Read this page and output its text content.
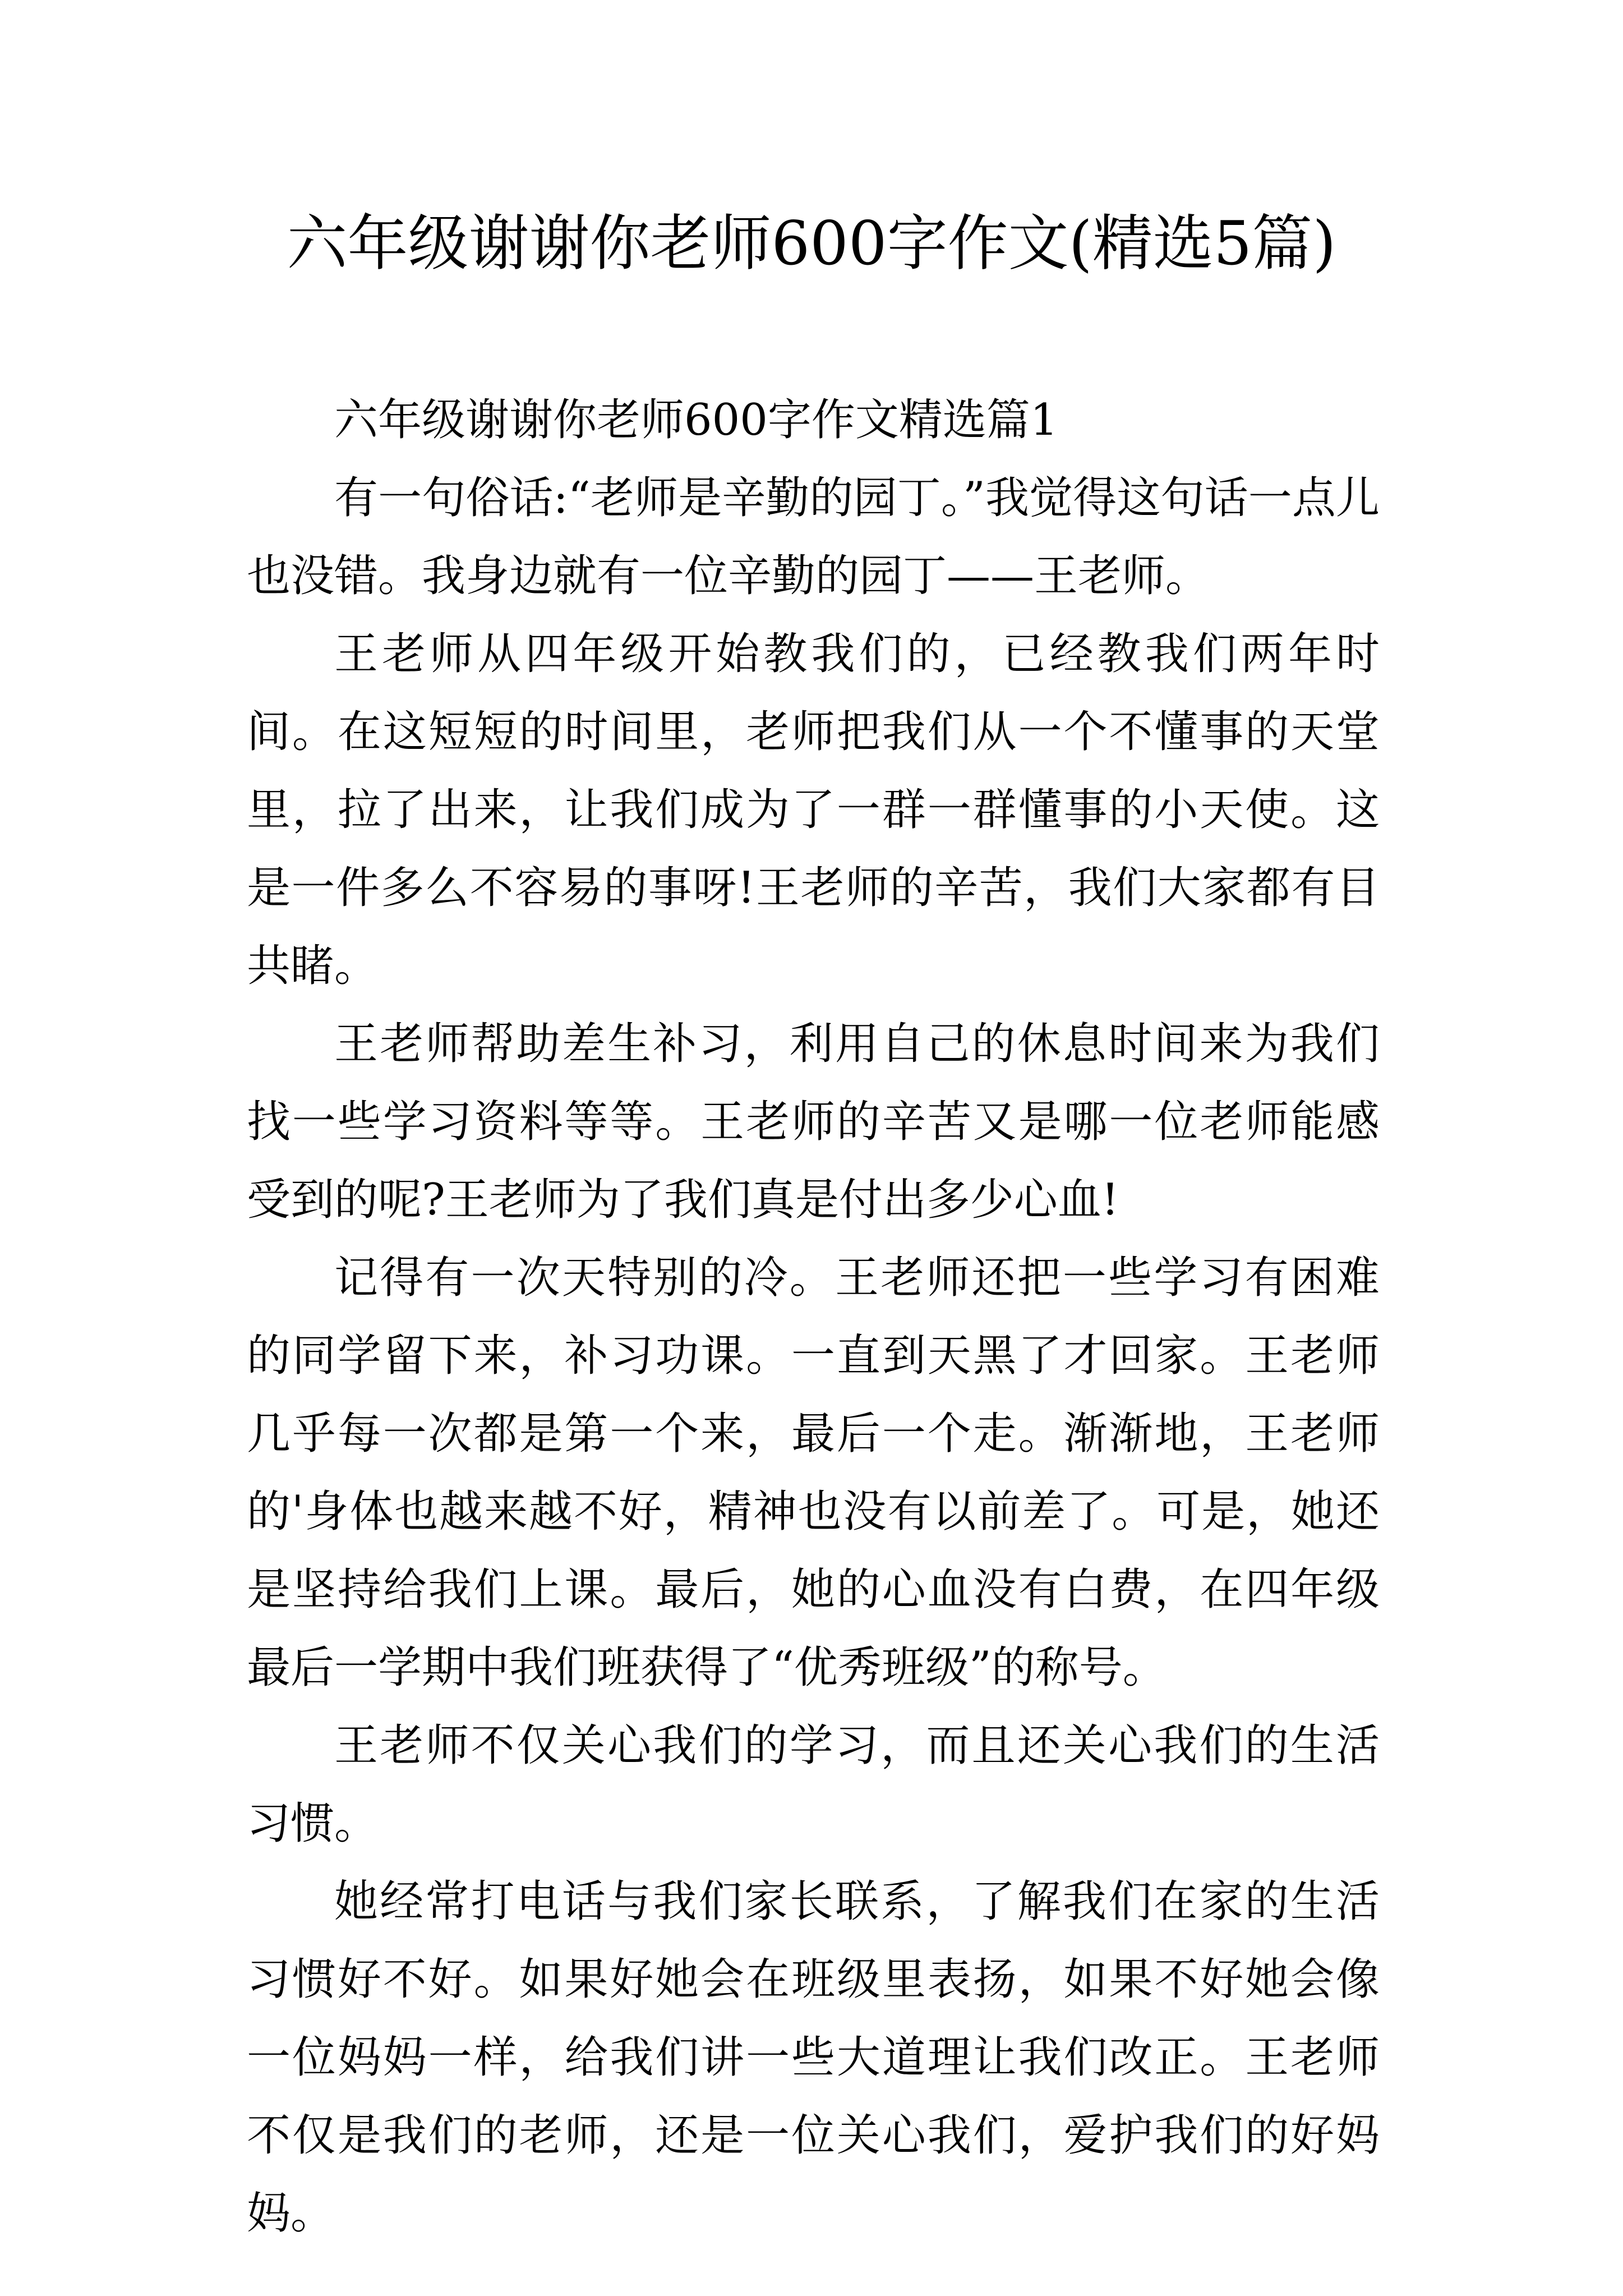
六年级谢谢你老师600字作文(精选5篇)

六年级谢谢你老师600字作文精选篇1

有一句俗话:“老师是辛勤的园丁。”我觉得这句话一点儿也没错。我身边就有一位辛勤的园丁——王老师。

王老师从四年级开始教我们的，已经教我们两年时间。在这短短的时间里，老师把我们从一个不懂事的天堂里，拉了出来，让我们成为了一群一群懂事的小天使。这是一件多么不容易的事呀!王老师的辛苦，我们大家都有目共睹。

王老师帮助差生补习，利用自己的休息时间来为我们找一些学习资料等等。王老师的辛苦又是哪一位老师能感受到的呢?王老师为了我们真是付出多少心血!

记得有一次天特别的冷。王老师还把一些学习有困难的同学留下来，补习功课。一直到天黑了才回家。王老师几乎每一次都是第一个来，最后一个走。渐渐地，王老师的'身体也越来越不好，精神也没有以前差了。可是，她还是坚持给我们上课。最后，她的心血没有白费，在四年级最后一学期中我们班获得了“优秀班级”的称号。

王老师不仅关心我们的学习，而且还关心我们的生活习惯。

她经常打电话与我们家长联系，了解我们在家的生活习惯好不好。如果好她会在班级里表扬，如果不好她会像一位妈妈一样，给我们讲一些大道理让我们改正。王老师不仅是我们的老师，还是一位关心我们，爱护我们的好妈妈。
